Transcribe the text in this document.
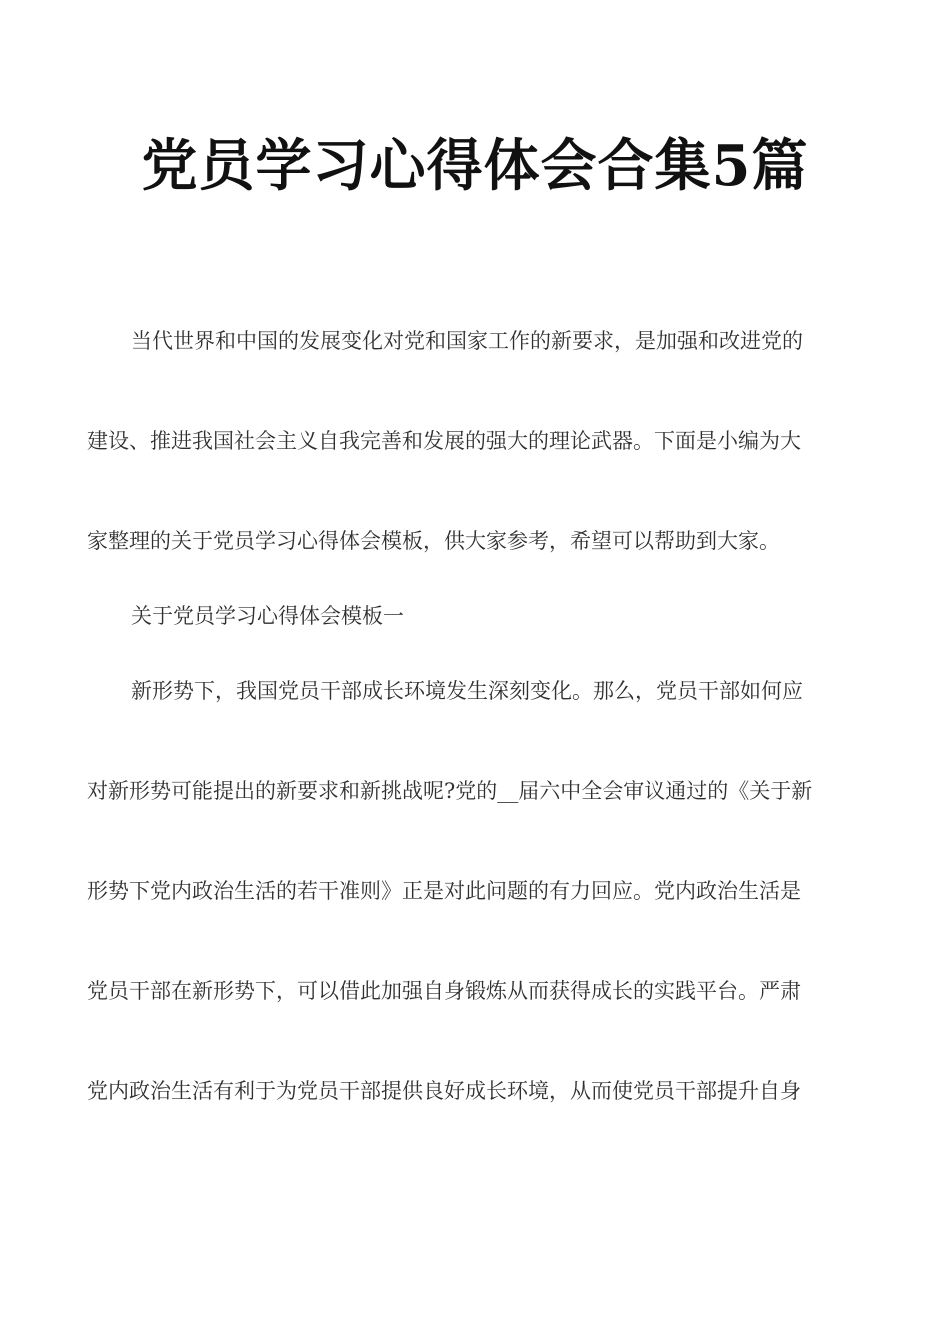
党员学习心得体会合集5篇
当代世界和中国的发展变化对党和国家工作的新要求，是加强和改进党的
建设、推进我国社会主义自我完善和发展的强大的理论武器。下面是小编为大
家整理的关于党员学习心得体会模板，供大家参考，希望可以帮助到大家。
关于党员学习心得体会模板一
新形势下，我国党员干部成长环境发生深刻变化。那么，党员干部如何应
对新形势可能提出的新要求和新挑战呢?党的__届六中全会审议通过的《关于新
形势下党内政治生活的若干准则》正是对此问题的有力回应。党内政治生活是
党员干部在新形势下，可以借此加强自身锻炼从而获得成长的实践平台。严肃
党内政治生活有利于为党员干部提供良好成长环境，从而使党员干部提升自身
